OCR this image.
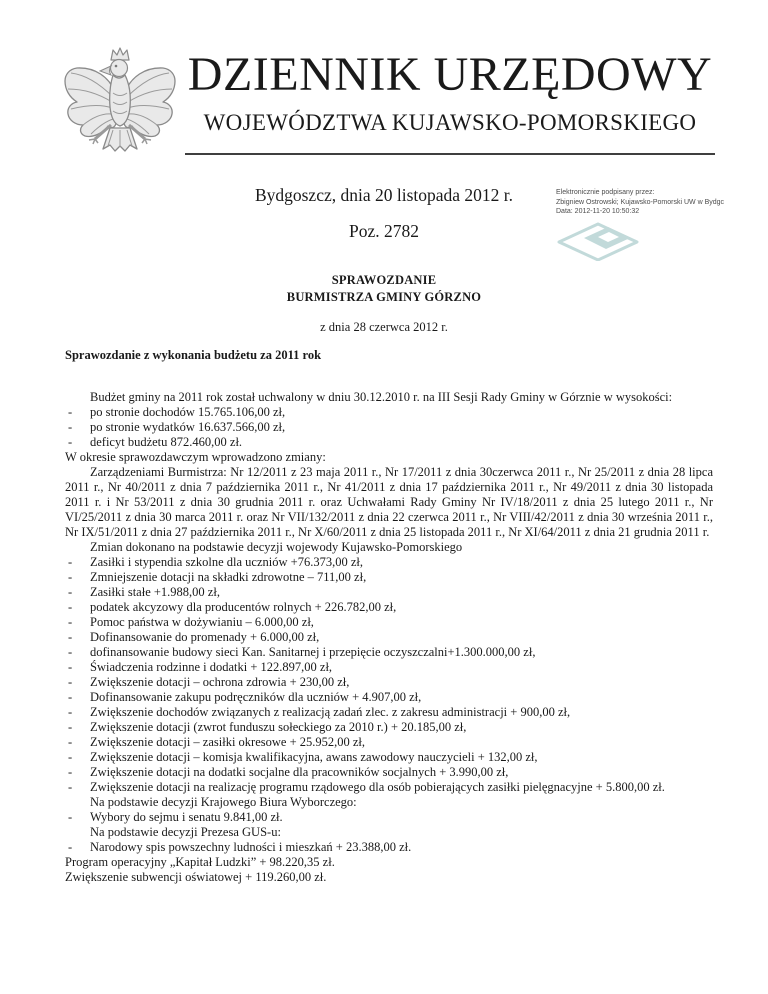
DZIENNIK URZĘDOWY
WOJEWÓDZTWA KUJAWSKO-POMORSKIEGO
Bydgoszcz, dnia 20 listopada 2012 r.
Poz. 2782
Elektronicznie podpisany przez:
Zbigniew Ostrowski; Kujawsko-Pomorski UW w Bydgc
Data: 2012-11-20 10:50:32
SPRAWOZDANIE
BURMISTRZA GMINY GÓRZNO
z dnia 28 czerwca 2012 r.
Sprawozdanie z wykonania budżetu za 2011 rok

Budżet gminy na 2011 rok został uchwalony w dniu 30.12.2010 r. na III Sesji Rady Gminy w Górznie w wysokości:

-	po stronie dochodów 15.765.106,00 zł,
-	po stronie wydatków 16.637.566,00 zł,
-	deficyt budżetu 872.460,00 zł.

W okresie sprawozdawczym wprowadzono zmiany:

Zarządzeniami Burmistrza: Nr 12/2011 z 23 maja 2011 r., Nr 17/2011 z dnia 30czerwca 2011 r., Nr 25/2011 z dnia 28 lipca 2011 r., Nr 40/2011 z dnia 7 października 2011 r., Nr 41/2011 z dnia 17 października 2011 r., Nr 49/2011 z dnia 30 listopada 2011 r. i Nr 53/2011 z dnia 30 grudnia 2011 r. oraz Uchwałami Rady Gminy Nr IV/18/2011 z dnia 25 lutego 2011 r., Nr VI/25/2011 z dnia 30 marca 2011 r. oraz Nr VII/132/2011 z dnia 22 czerwca 2011 r., Nr VIII/42/2011 z dnia 30 września 2011 r., Nr IX/51/2011 z dnia 27 października 2011 r., Nr X/60/2011 z dnia 25 listopada 2011 r., Nr XI/64/2011 z dnia 21 grudnia 2011 r.

Zmian dokonano na podstawie decyzji wojewody Kujawsko-Pomorskiego

-	Zasiłki i stypendia szkolne dla uczniów +76.373,00 zł,
-	Zmniejszenie dotacji na składki zdrowotne – 711,00 zł,
-	Zasiłki stałe +1.988,00 zł,
-	podatek akcyzowy dla producentów rolnych + 226.782,00 zł,
-	Pomoc państwa w dożywianiu – 6.000,00 zł,
-	Dofinansowanie do promenady + 6.000,00 zł,
-	dofinansowanie budowy sieci Kan. Sanitarnej i przepięcie oczyszczalni+1.300.000,00 zł,
-	Świadczenia rodzinne i dodatki + 122.897,00 zł,
-	Zwiększenie dotacji – ochrona zdrowia + 230,00 zł,
-	Dofinansowanie zakupu podręczników dla uczniów + 4.907,00 zł,
-	Zwiększenie dochodów związanych z realizacją zadań zlec. z zakresu administracji + 900,00 zł,
-	Zwiększenie dotacji (zwrot funduszu sołeckiego za 2010 r.) + 20.185,00 zł,
-	Zwiększenie dotacji – zasiłki okresowe + 25.952,00 zł,
-	Zwiększenie dotacji – komisja kwalifikacyjna, awans zawodowy nauczycieli + 132,00 zł,
-	Zwiększenie dotacji na dodatki socjalne dla pracowników socjalnych + 3.990,00 zł,
-	Zwiększenie dotacji na realizację programu rządowego dla osób pobierających zasiłki pielęgnacyjne + 5.800,00 zł.

Na podstawie decyzji Krajowego Biura Wyborczego:

-	Wybory do sejmu i senatu 9.841,00 zł.

Na podstawie decyzji Prezesa GUS-u:

-	Narodowy spis powszechny ludności i mieszkań + 23.388,00 zł.

Program operacyjny „Kapitał Ludzki” + 98.220,35 zł.

Zwiększenie subwencji oświatowej + 119.260,00 zł.
